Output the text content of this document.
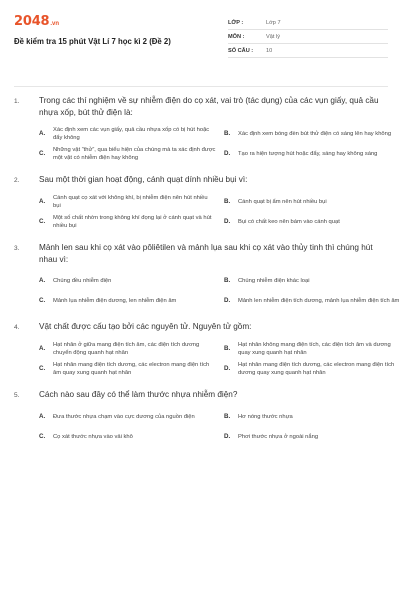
2048 .vn
Đề kiểm tra 15 phút Vật Lí 7 học kì 2 (Đề 2)
LỚP :	Lớp 7
MÔN :	Vật lý
SỐ CÂU :	10
1.	Trong các thí nghiệm về sự nhiễm điện do cọ xát, vai trò (tác dụng) của các vụn giấy, quả cầu nhựa xốp, bút thử điện là:
A.	Xác định xem các vụn giấy, quả cầu nhựa xốp có bị hút hoặc đẩy không
B.	Xác định xem bóng đèn bút thử điện có sáng lên hay không
C.	Những vật “thử”, qua biểu hiện của chúng mà ta xác định được một vật có nhiễm điện hay không
D.	Tạo ra hiện tượng hút hoặc đẩy, sáng hay không sáng
2.	Sau một thời gian hoạt động, cánh quạt dính nhiều bụi vì:
A.	Cánh quạt cọ xát với không khí, bị nhiễm điện nên hút nhiều bụi
B.	Cánh quạt bị ẩm nên hút nhiều bụi
C.	Một số chất nhờn trong không khí đọng lại ở cánh quạt và hút nhiều bụi
D.	Bụi có chất keo nên bám vào cánh quạt
3.	Mảnh len sau khi cọ xát vào pôliêtilen và mảnh lụa sau khi cọ xát vào thủy tinh thì chúng hút nhau vì:
A.	Chúng đều nhiễm điện	B.	Chúng nhiễm điện khác loại
C.	Mảnh lụa nhiễm điện dương, len nhiễm điện âm	D.	Mảnh len nhiễm điện tích dương, mảnh lụa nhiễm điện tích âm
4.	Vật chất được cấu tạo bởi các nguyên tử. Nguyên tử gồm:
A.	Hạt nhân ở giữa mang điện tích âm, các điện tích dương chuyển động quanh hạt nhân
B.	Hạt nhân không mang điện tích, các điện tích âm và dương quay xung quanh hạt nhân
C.	Hạt nhân mang điện tích dương, các electron mang điện tích âm quay xung quanh hạt nhân
D.	Hạt nhân mang điện tích dương, các electron mang điện tích dương quay xung quanh hạt nhân
5.	Cách nào sau đây có thể làm thước nhựa nhiễm điện?
A.	Đưa thước nhựa chạm vào cực dương của nguồn điện	B.	Hơ nóng thước nhựa
C.	Cọ xát thước nhựa vào vải khô	D.	Phơi thước nhựa ở ngoài nắng
